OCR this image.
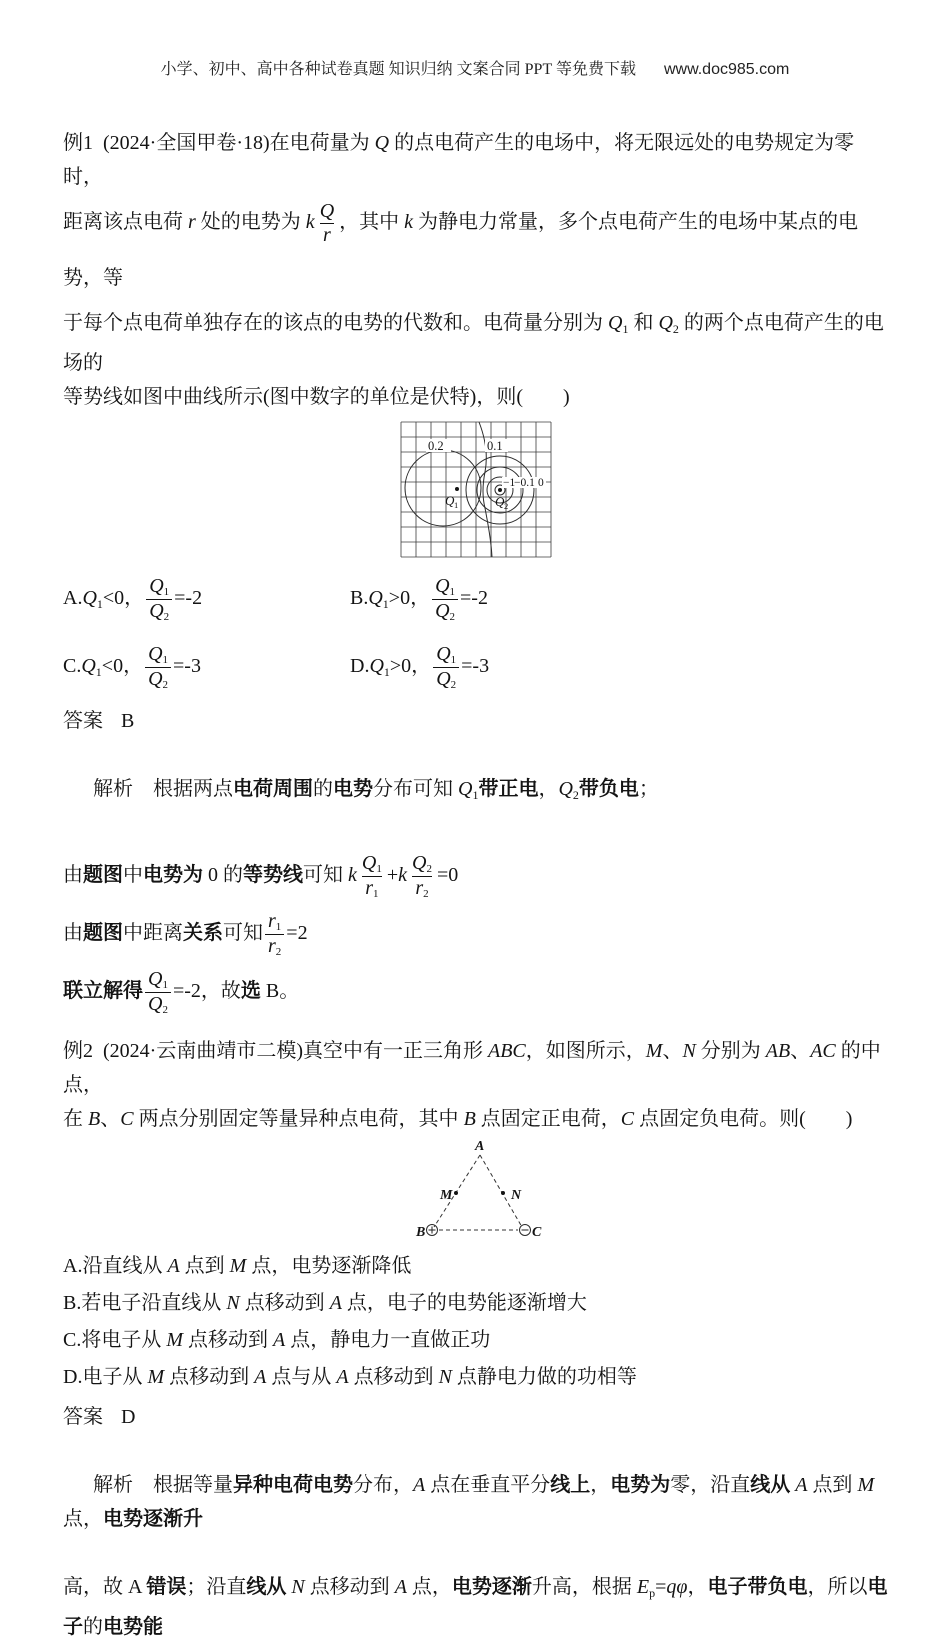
小学、初中、高中各种试卷真题 知识归纳 文案合同 PPT 等免费下载 www.doc985.com
例1  (2024·全国甲卷·18)在电荷量为 Q 的点电荷产生的电场中，将无限远处的电势规定为零时，
距离该点电荷 r 处的电势为 k $\frac{Q}{r}$ ，其中 k 为静电力常量，多个点电荷产生的电场中某点的电势，等
于每个点电荷单独存在的该点的电势的代数和。电荷量分别为 $Q_1$ 和 $Q_2$ 的两个点电荷产生的电场的
等势线如图中曲线所示(图中数字的单位是伏特)，则(　　)
0.2	0.1
−1
−0.1 0
Q 1	Q 2
$A.Q_1<0$， $\frac{Q1}{Q2} =-2$	$B.Q_1>0$， $\frac{Q1}{Q2} =-2$
$C.Q_1<0$， $\frac{Q1}{Q2} =-3$	$D.Q_1>0$， $\frac{Q1}{Q2} =-3$
答案 B

解析 根据两点电荷周围的电势分布可知 $Q_1$带正电，$Q_2$带负电；

由题图中电势为 0 的等势线可知 k $\frac{Q1}{r1} +k \frac{Q2}{r2} =0$
由题图中距离关系可知 $\frac{r1}{r2} =2$
联立解得 $\frac{Q1}{Q2} =-2$，故选 B。
例2  (2024·云南曲靖市二模)真空中有一正三角形 ABC，如图所示，M、N 分别为 AB、AC 的中点，
在 B、C 两点分别固定等量异种点电荷，其中 B 点固定正电荷，C 点固定负电荷。则(　　)
A
B	C
M	N
A.沿直线从 A 点到 M 点，电势逐渐降低
B.若电子沿直线从 N 点移动到 A 点，电子的电势能逐渐增大
C.将电子从 M 点移动到 A 点，静电力一直做正功
D.电子从 M 点移动到 A 点与从 A 点移动到 N 点静电力做的功相等
答案 D

解析 根据等量异种电荷电势分布，A 点在垂直平分线上，电势为零，沿直线从 A 点到 M 点，电势逐渐升

高，故 A 错误；沿直线从 N 点移动到 A 点，电势逐渐升高，根据 $E_p=q\varphi$，电子带负电，所以电子的电势能
